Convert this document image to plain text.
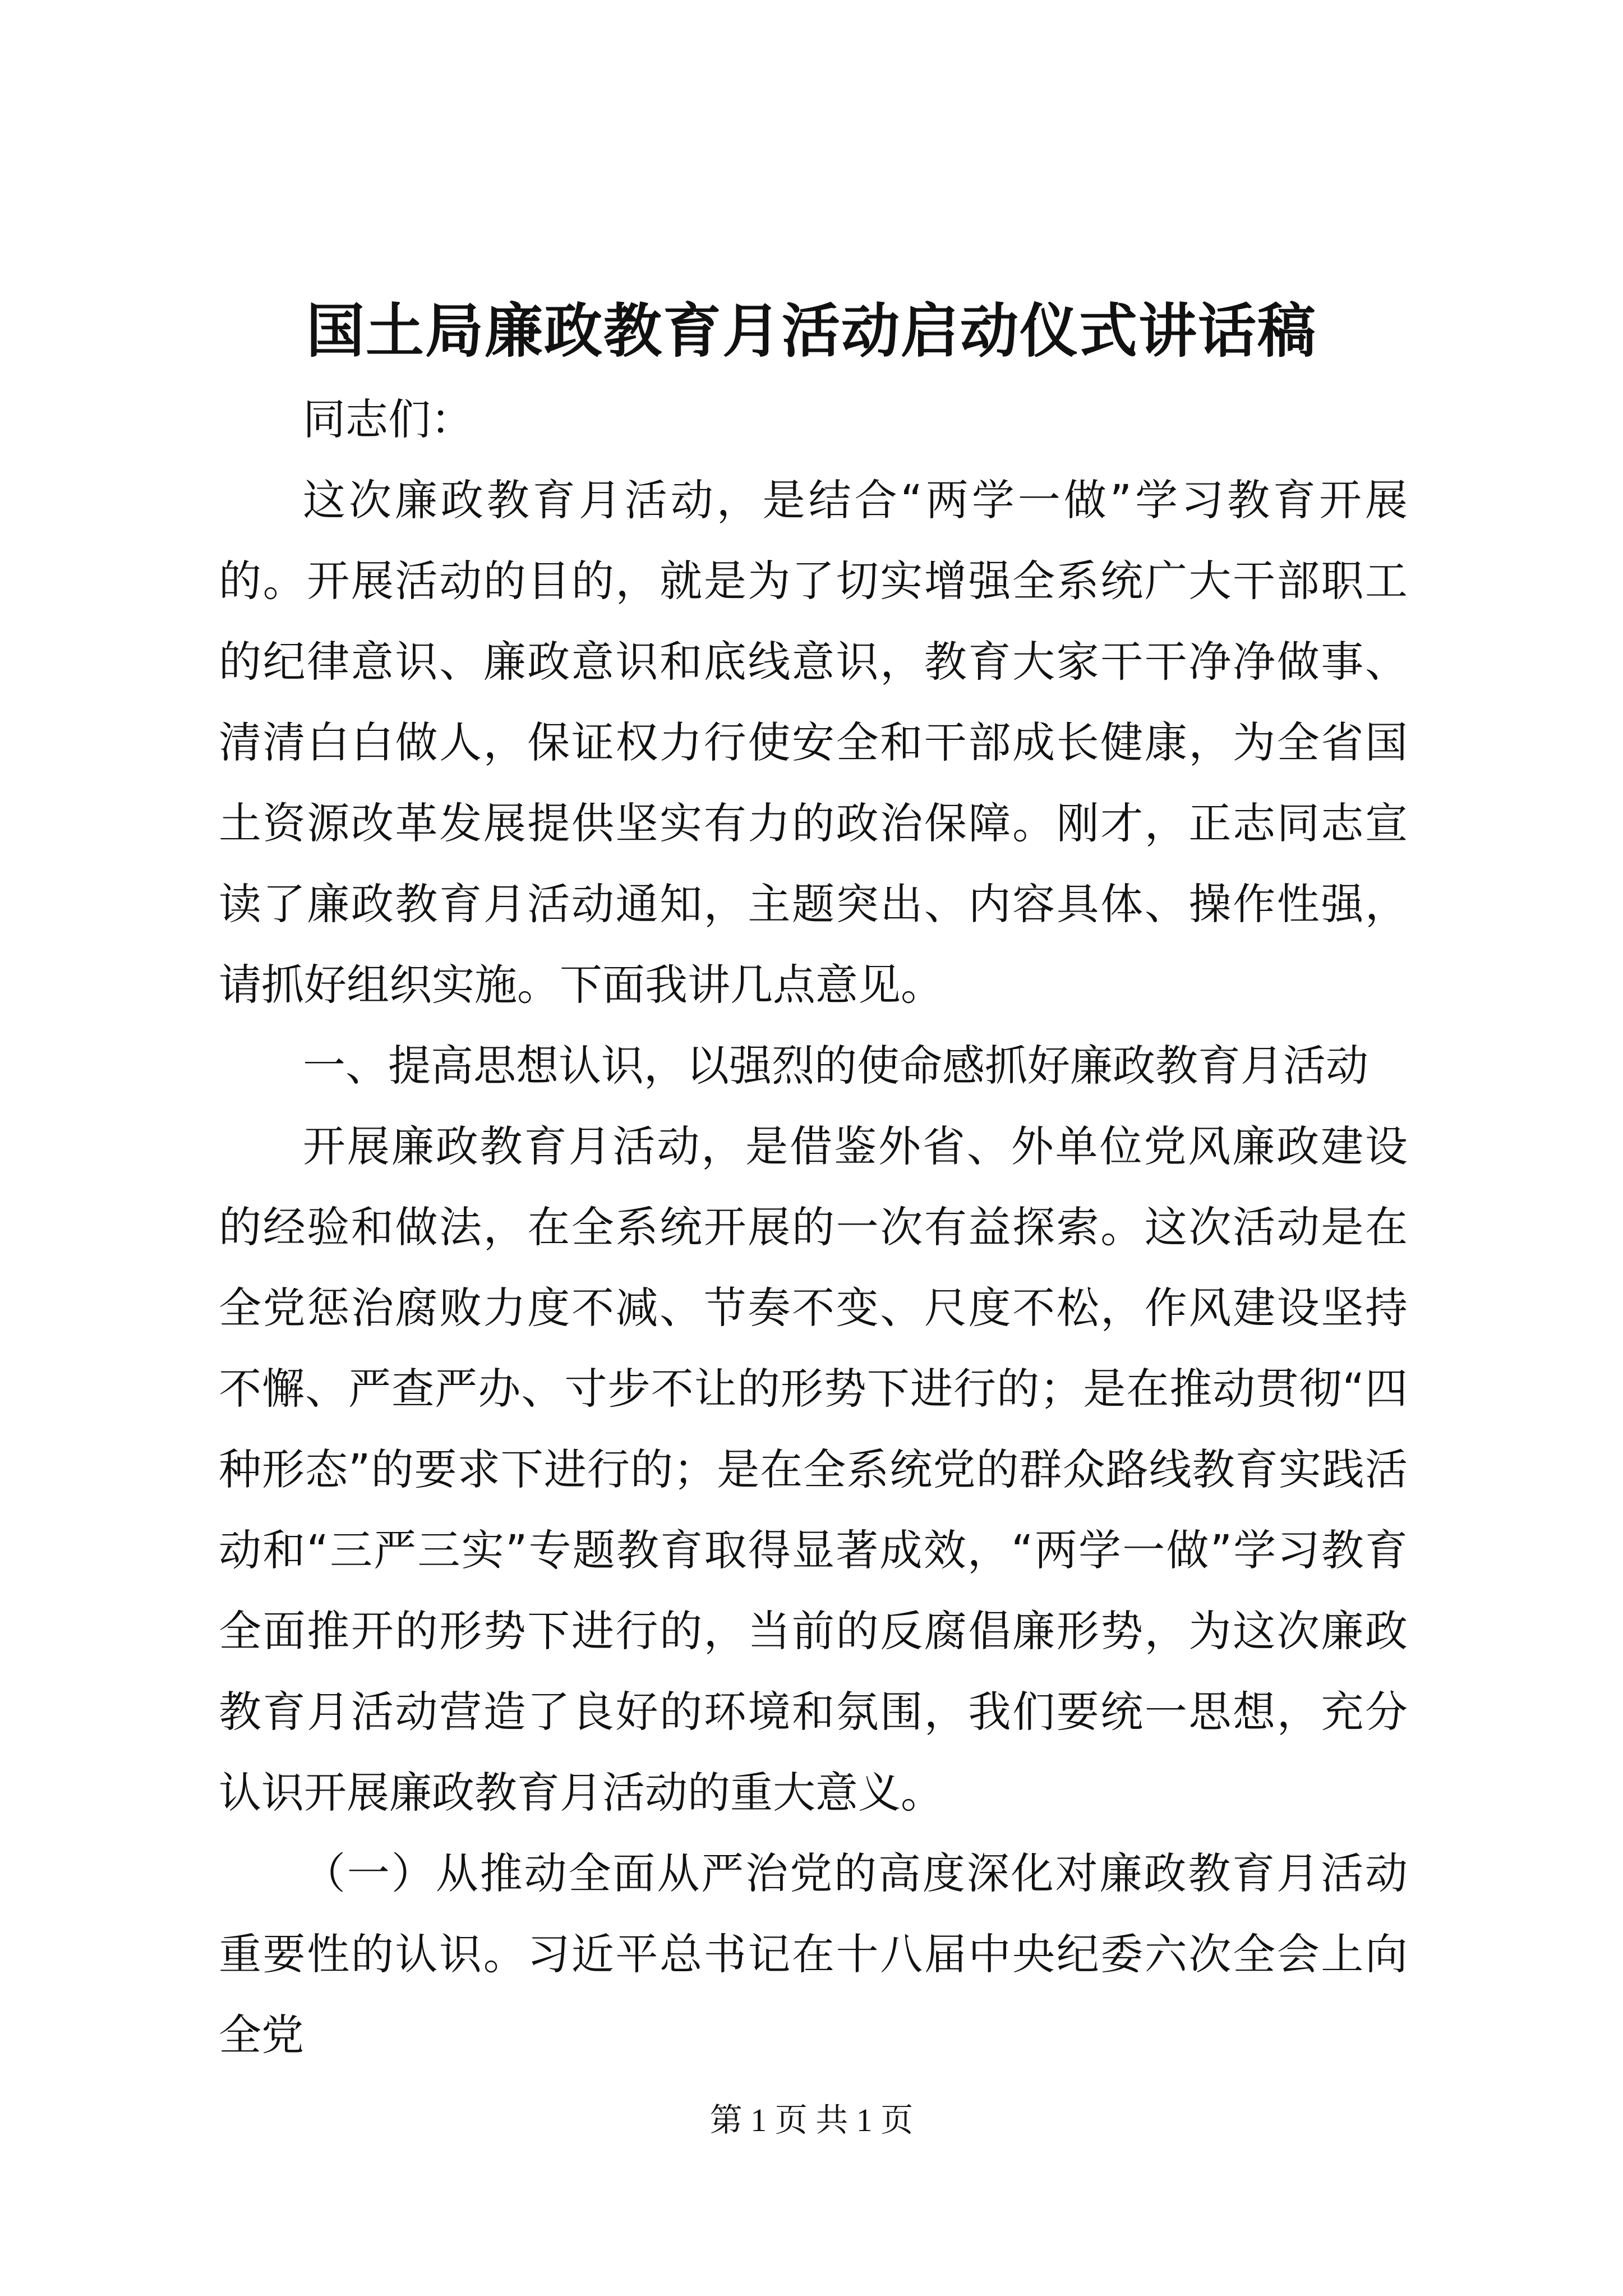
国土局廉政教育月活动启动仪式讲话稿

同志们：

这次廉政教育月活动，是结合“两学一做”学习教育开展的。开展活动的目的，就是为了切实增强全系统广大干部职工的纪律意识、廉政意识和底线意识，教育大家干干净净做事、清清白白做人，保证权力行使安全和干部成长健康，为全省国土资源改革发展提供坚实有力的政治保障。刚才，正志同志宣读了廉政教育月活动通知，主题突出、内容具体、操作性强，请抓好组织实施。下面我讲几点意见。

一、提高思想认识，以强烈的使命感抓好廉政教育月活动

开展廉政教育月活动，是借鉴外省、外单位党风廉政建设的经验和做法，在全系统开展的一次有益探索。这次活动是在全党惩治腐败力度不减、节奏不变、尺度不松，作风建设坚持不懈、严查严办、寸步不让的形势下进行的；是在推动贯彻“四种形态”的要求下进行的；是在全系统党的群众路线教育实践活动和“三严三实”专题教育取得显著成效，“两学一做”学习教育全面推开的形势下进行的，当前的反腐倡廉形势，为这次廉政教育月活动营造了良好的环境和氛围，我们要统一思想，充分认识开展廉政教育月活动的重大意义。

（一）从推动全面从严治党的高度深化对廉政教育月活动重要性的认识。习近平总书记在十八届中央纪委六次全会上向全党

第 1 页 共 1 页
